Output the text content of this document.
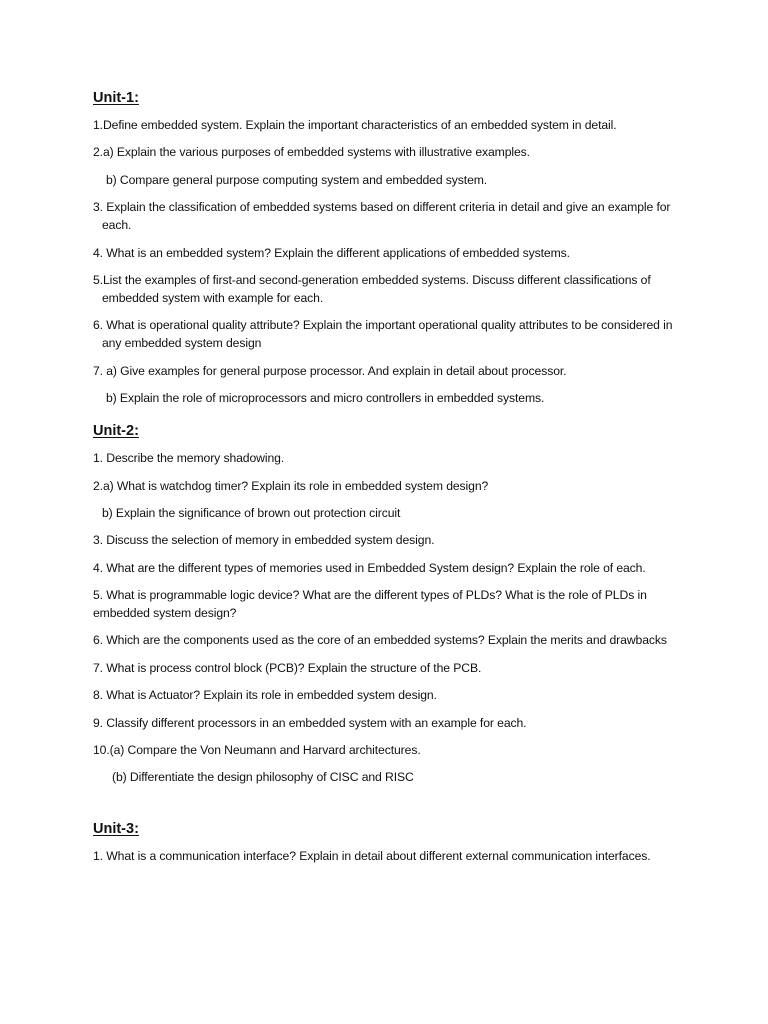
Unit-1:
1.Define embedded system. Explain the important characteristics of an embedded system in detail.
2.a) Explain the various purposes of embedded systems with illustrative examples.
b) Compare general purpose computing system and embedded system.
3. Explain the classification of embedded systems based on different criteria in detail and give an example for each.
4. What is an embedded system? Explain the different applications of embedded systems.
5.List the examples of first-and second-generation embedded systems. Discuss different classifications of embedded system with example for each.
6. What is operational quality attribute? Explain the important operational quality attributes to be considered in any embedded system design
7. a) Give examples for general purpose processor. And explain in detail about processor.
b) Explain the role of microprocessors and micro controllers in embedded systems.
Unit-2:
1. Describe the memory shadowing.
2.a) What is watchdog timer? Explain its role in embedded system design?
b) Explain the significance of brown out protection circuit
3. Discuss the selection of memory in embedded system design.
4. What are the different types of memories used in Embedded System design? Explain the role of each.
5. What is programmable logic device? What are the different types of PLDs? What is the role of PLDs in embedded system design?
6. Which are the components used as the core of an embedded systems? Explain the merits and drawbacks
7. What is process control block (PCB)? Explain the structure of the PCB.
8. What is Actuator? Explain its role in embedded system design.
9. Classify different processors in an embedded system with an example for each.
10.(a) Compare the Von Neumann and Harvard architectures.
(b) Differentiate the design philosophy of CISC and RISC
Unit-3:
1. What is a communication interface? Explain in detail about different external communication interfaces.
